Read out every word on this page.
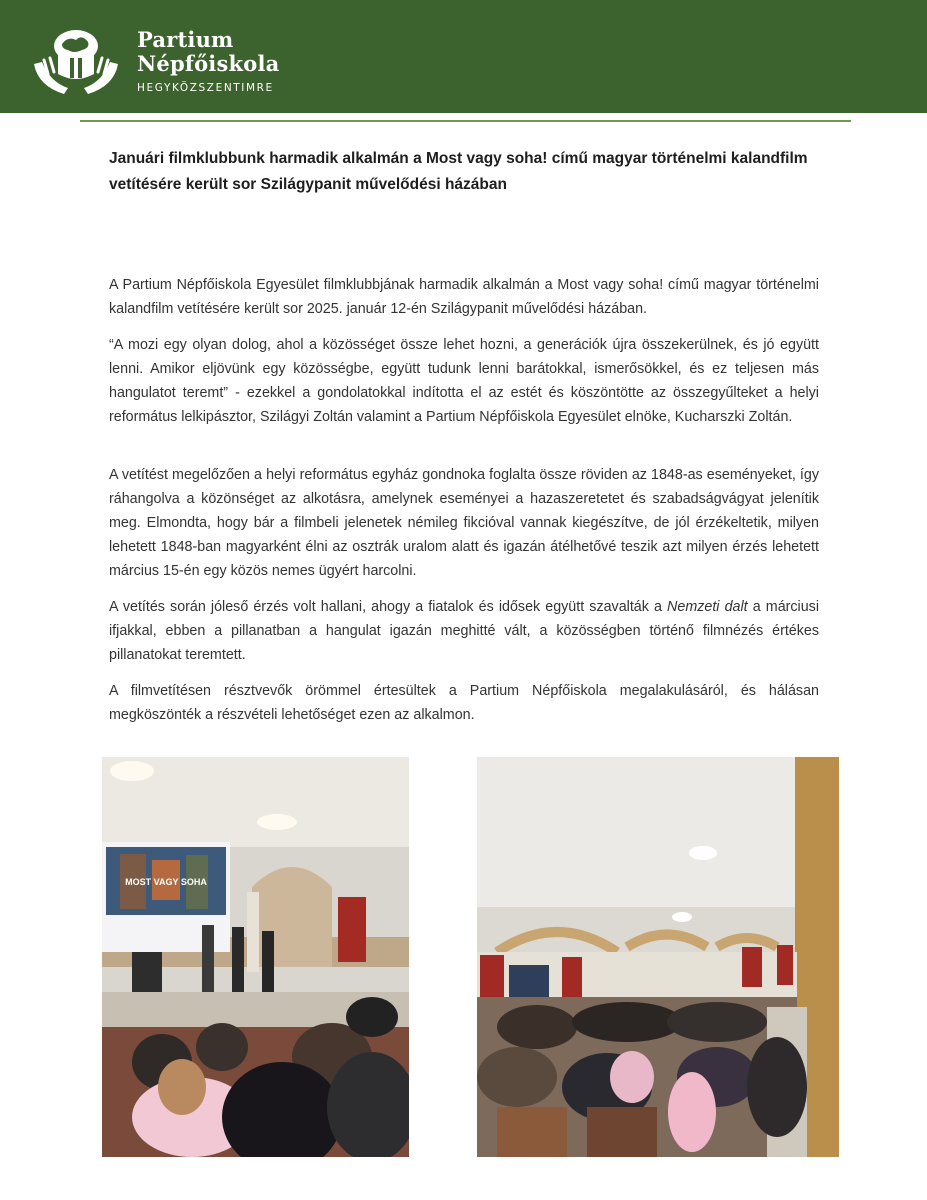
Partium
Népfőiskola
HEGYKÖZSZENTIMRE
Januári filmklubbunk harmadik alkalmán a Most vagy soha! című magyar történelmi kalandfilm vetítésére került sor Szilágypanit művelődési házában

A Partium Népfőiskola Egyesület filmklubbjának harmadik alkalmán a Most vagy soha! című magyar történelmi kalandfilm vetítésére került sor 2025. január 12-én Szilágypanit művelődési házában.

“A mozi egy olyan dolog, ahol a közösséget össze lehet hozni, a generációk újra összekerülnek, és jó együtt lenni. Amikor eljövünk egy közösségbe, együtt tudunk lenni barátokkal, ismerősökkel, és ez teljesen más hangulatot teremt” - ezekkel a gondolatokkal indította el az estét és köszöntötte az összegyűlteket a helyi református lelkipásztor, Szilágyi Zoltán valamint a Partium Népfőiskola Egyesület elnöke, Kucharszki Zoltán.

A vetítést megelőzően a helyi református egyház gondnoka foglalta össze röviden az 1848-as eseményeket, így ráhangolva a közönséget az alkotásra, amelynek eseményei a hazaszeretetet és szabadságvágyat jelenítik meg. Elmondta, hogy bár a filmbeli jelenetek némileg fikcióval vannak kiegészítve, de jól érzékeltetik, milyen lehetett 1848-ban magyarként élni az osztrák uralom alatt és igazán átélhetővé teszik azt milyen érzés lehetett március 15-én egy közös nemes ügyért harcolni.

A vetítés során jóleső érzés volt hallani, ahogy a fiatalok és idősek együtt szavalták a Nemzeti dalt a márciusi ifjakkal, ebben a pillanatban a hangulat igazán meghitté vált, a közösségben történő filmnézés értékes pillanatokat teremtett.

A filmvetítésen résztvevők örömmel értesültek a Partium Népfőiskola megalakulásáról, és hálásan megköszönték a részvételi lehetőséget ezen az alkalmon.

MOST VAGY SOHA
